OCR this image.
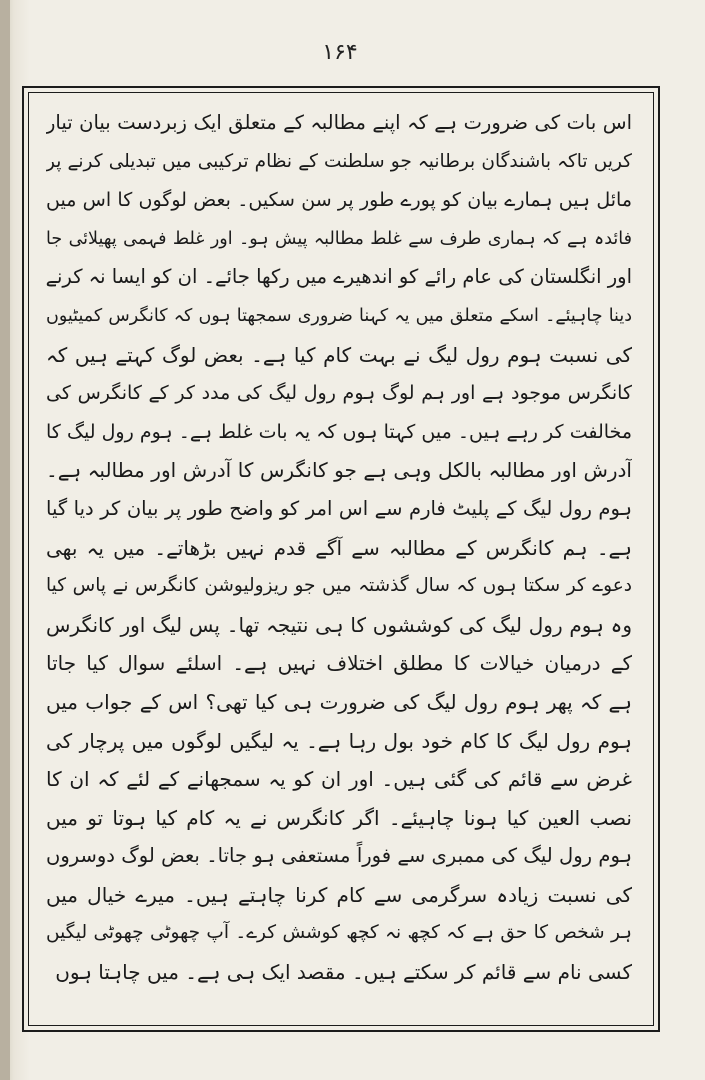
۱۶۴
اس بات کی ضرورت ہے کہ اپنے مطالبہ کے متعلق ایک زبردست بیان تیار
کریں تاکہ باشندگان برطانیہ جو سلطنت کے نظام ترکیبی میں تبدیلی کرنے پر
مائل ہیں ہمارے بیان کو پورے طور پر سن سکیں۔ بعض لوگوں کا اس میں
فائدہ ہے کہ ہماری طرف سے غلط مطالبہ پیش ہو۔ اور غلط فہمی پھیلائی جا
اور انگلستان کی عام رائے کو اندھیرے میں رکھا جائے۔ ان کو ایسا نہ کرنے
دینا چاہیئے۔ اسکے متعلق میں یہ کہنا ضروری سمجھتا ہوں کہ کانگرس کمیٹیوں
کی نسبت ہوم رول لیگ نے بہت کام کیا ہے۔ بعض لوگ کہتے ہیں کہ
کانگرس موجود ہے اور ہم لوگ ہوم رول لیگ کی مدد کر کے کانگرس کی
مخالفت کر رہے ہیں۔ میں کہتا ہوں کہ یہ بات غلط ہے۔ ہوم رول لیگ کا
آدرش اور مطالبہ بالکل وہی ہے جو کانگرس کا آدرش اور مطالبہ ہے۔
ہوم رول لیگ کے پلیٹ فارم سے اس امر کو واضح طور پر بیان کر دیا گیا
ہے۔ ہم کانگرس کے مطالبہ سے آگے قدم نہیں بڑھاتے۔ میں یہ بھی
دعوے کر سکتا ہوں کہ سال گذشتہ میں جو ریزولیوشن کانگرس نے پاس کیا
وہ ہوم رول لیگ کی کوششوں کا ہی نتیجہ تھا۔ پس لیگ اور کانگرس
کے درمیان خیالات کا مطلق اختلاف نہیں ہے۔ اسلئے سوال کیا جاتا
ہے کہ پھر ہوم رول لیگ کی ضرورت ہی کیا تھی؟ اس کے جواب میں
ہوم رول لیگ کا کام خود بول رہا ہے۔ یہ لیگیں لوگوں میں پرچار کی
غرض سے قائم کی گئی ہیں۔ اور ان کو یہ سمجھانے کے لئے کہ ان کا
نصب العین کیا ہونا چاہیئے۔ اگر کانگرس نے یہ کام کیا ہوتا تو میں
ہوم رول لیگ کی ممبری سے فوراً مستعفی ہو جاتا۔ بعض لوگ دوسروں
کی نسبت زیادہ سرگرمی سے کام کرنا چاہتے ہیں۔ میرے خیال میں
ہر شخص کا حق ہے کہ کچھ نہ کچھ کوشش کرے۔ آپ چھوٹی چھوٹی لیگیں
کسی نام سے قائم کر سکتے ہیں۔ مقصد ایک ہی ہے۔ میں چاہتا ہوں
